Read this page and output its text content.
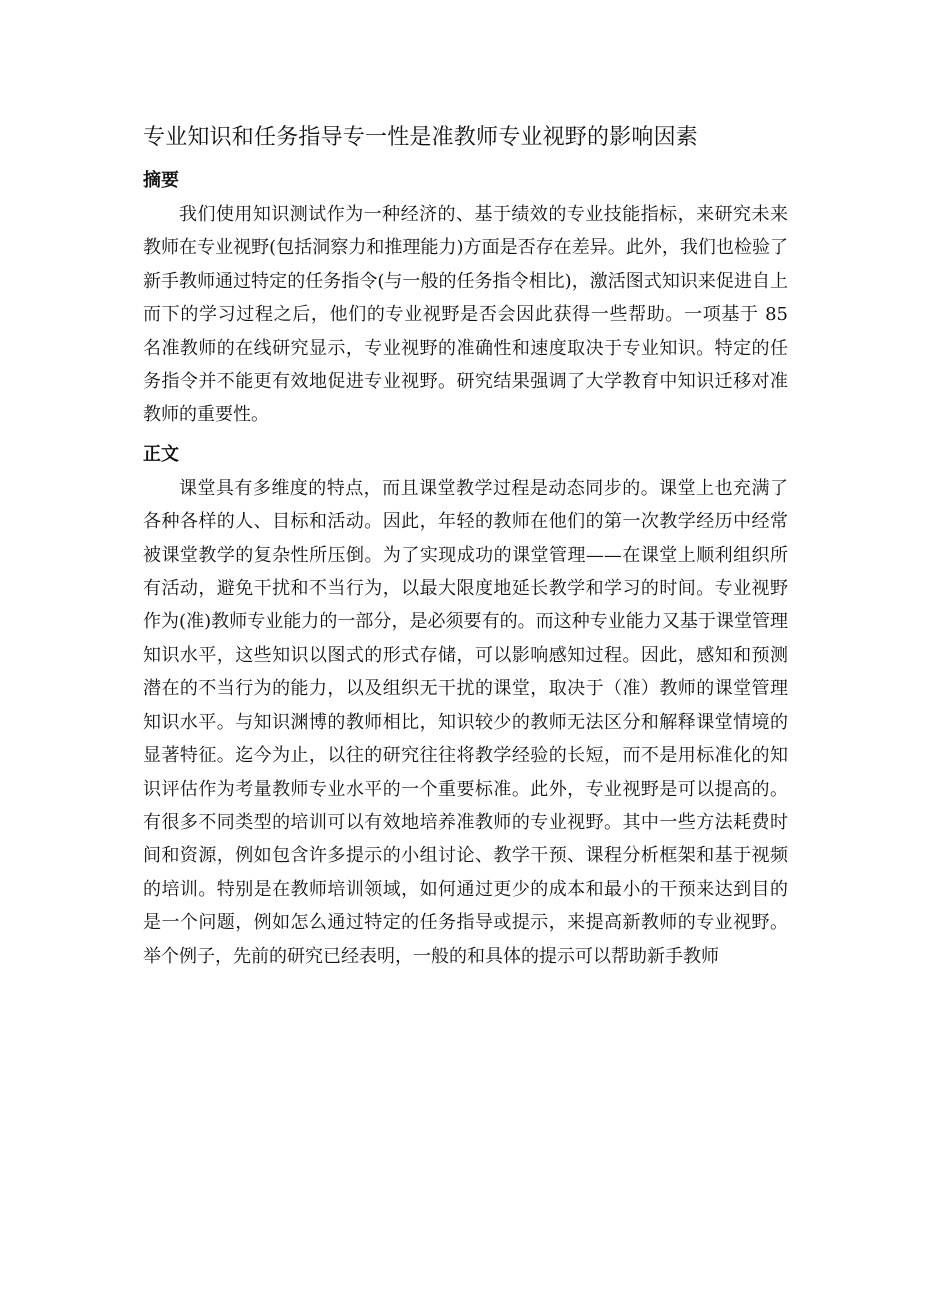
专业知识和任务指导专一性是准教师专业视野的影响因素
摘要

我们使用知识测试作为一种经济的、基于绩效的专业技能指标，来研究未来教师在专业视野(包括洞察力和推理能力)方面是否存在差异。此外，我们也检验了新手教师通过特定的任务指令(与一般的任务指令相比)，激活图式知识来促进自上而下的学习过程之后，他们的专业视野是否会因此获得一些帮助。一项基于 85 名准教师的在线研究显示，专业视野的准确性和速度取决于专业知识。特定的任务指令并不能更有效地促进专业视野。研究结果强调了大学教育中知识迁移对准教师的重要性。

正文

课堂具有多维度的特点，而且课堂教学过程是动态同步的。课堂上也充满了各种各样的人、目标和活动。因此，年轻的教师在他们的第一次教学经历中经常被课堂教学的复杂性所压倒。为了实现成功的课堂管理——在课堂上顺利组织所有活动，避免干扰和不当行为，以最大限度地延长教学和学习的时间。专业视野作为(准)教师专业能力的一部分，是必须要有的。而这种专业能力又基于课堂管理知识水平，这些知识以图式的形式存储，可以影响感知过程。因此，感知和预测潜在的不当行为的能力，以及组织无干扰的课堂，取决于（准）教师的课堂管理知识水平。与知识渊博的教师相比，知识较少的教师无法区分和解释课堂情境的显著特征。迄今为止，以往的研究往往将教学经验的长短，而不是用标准化的知识评估作为考量教师专业水平的一个重要标准。此外，专业视野是可以提高的。有很多不同类型的培训可以有效地培养准教师的专业视野。其中一些方法耗费时间和资源，例如包含许多提示的小组讨论、教学干预、课程分析框架和基于视频的培训。特别是在教师培训领域，如何通过更少的成本和最小的干预来达到目的是一个问题，例如怎么通过特定的任务指导或提示，来提高新教师的专业视野。举个例子，先前的研究已经表明，一般的和具体的提示可以帮助新手教师
